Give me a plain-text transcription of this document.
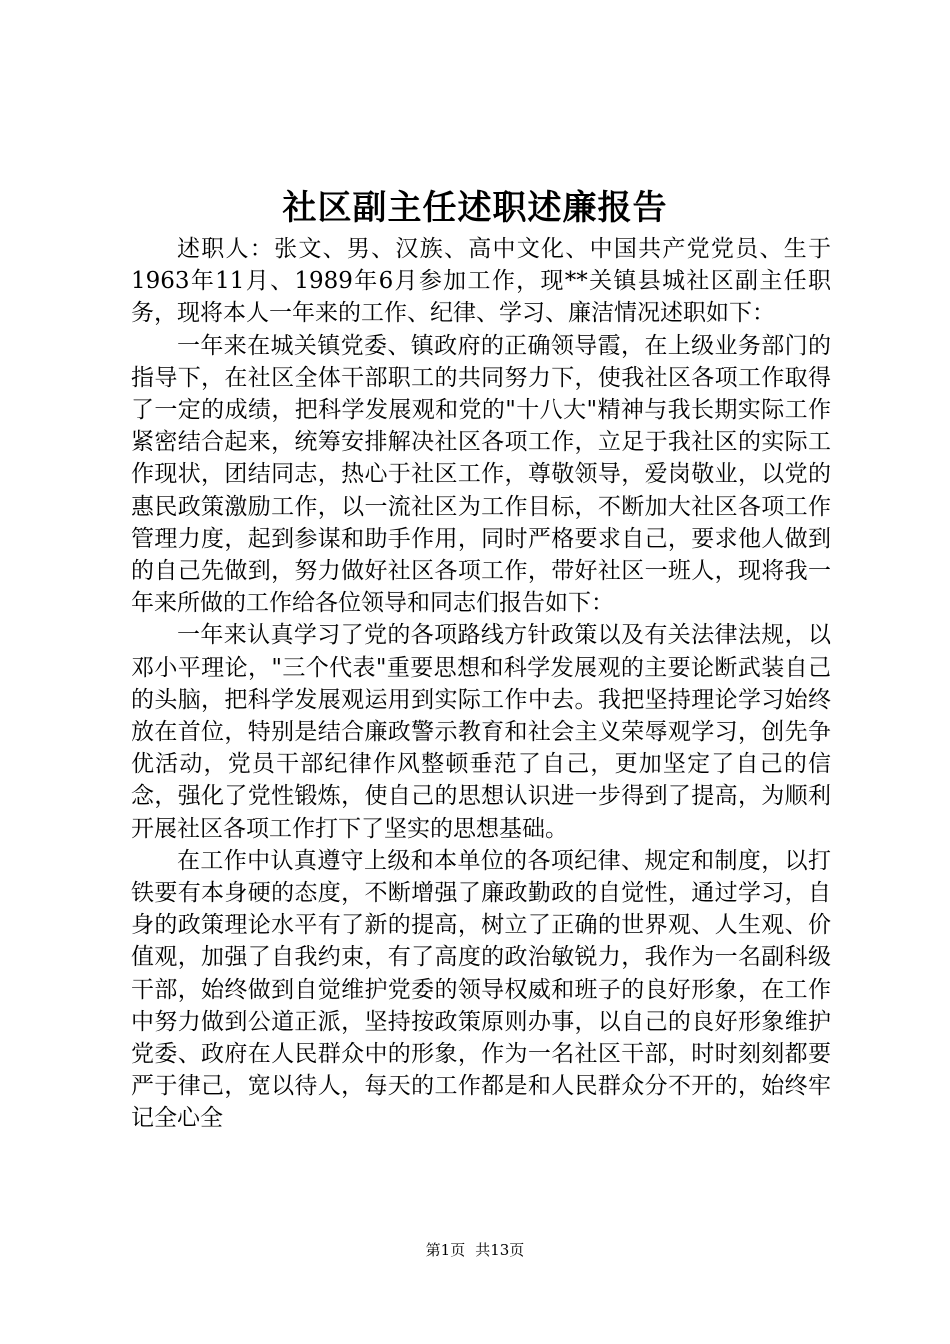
社区副主任述职述廉报告

述职人：张文、男、汉族、高中文化、中国共产党党员、生于1963年11月、1989年6月参加工作，现**关镇县城社区副主任职务，现将本人一年来的工作、纪律、学习、廉洁情况述职如下：

一年来在城关镇党委、镇政府的正确领导霞，在上级业务部门的指导下，在社区全体干部职工的共同努力下，使我社区各项工作取得了一定的成绩，把科学发展观和党的"十八大"精神与我长期实际工作紧密结合起来，统筹安排解决社区各项工作，立足于我社区的实际工作现状，团结同志，热心于社区工作，尊敬领导，爱岗敬业，以党的惠民政策激励工作，以一流社区为工作目标，不断加大社区各项工作管理力度，起到参谋和助手作用，同时严格要求自己，要求他人做到的自己先做到，努力做好社区各项工作，带好社区一班人，现将我一年来所做的工作给各位领导和同志们报告如下：

一年来认真学习了党的各项路线方针政策以及有关法律法规，以邓小平理论，"三个代表"重要思想和科学发展观的主要论断武装自己的头脑，把科学发展观运用到实际工作中去。我把坚持理论学习始终放在首位，特别是结合廉政警示教育和社会主义荣辱观学习，创先争优活动，党员干部纪律作风整顿垂范了自己，更加坚定了自己的信念，强化了党性锻炼，使自己的思想认识进一步得到了提高，为顺利开展社区各项工作打下了坚实的思想基础。

在工作中认真遵守上级和本单位的各项纪律、规定和制度，以打铁要有本身硬的态度，不断增强了廉政勤政的自觉性，通过学习，自身的政策理论水平有了新的提高，树立了正确的世界观、人生观、价值观，加强了自我约束，有了高度的政治敏锐力，我作为一名副科级干部，始终做到自觉维护党委的领导权威和班子的良好形象，在工作中努力做到公道正派，坚持按政策原则办事，以自己的良好形象维护党委、政府在人民群众中的形象，作为一名社区干部，时时刻刻都要严于律己，宽以待人，每天的工作都是和人民群众分不开的，始终牢记全心全

第1页 共13页
